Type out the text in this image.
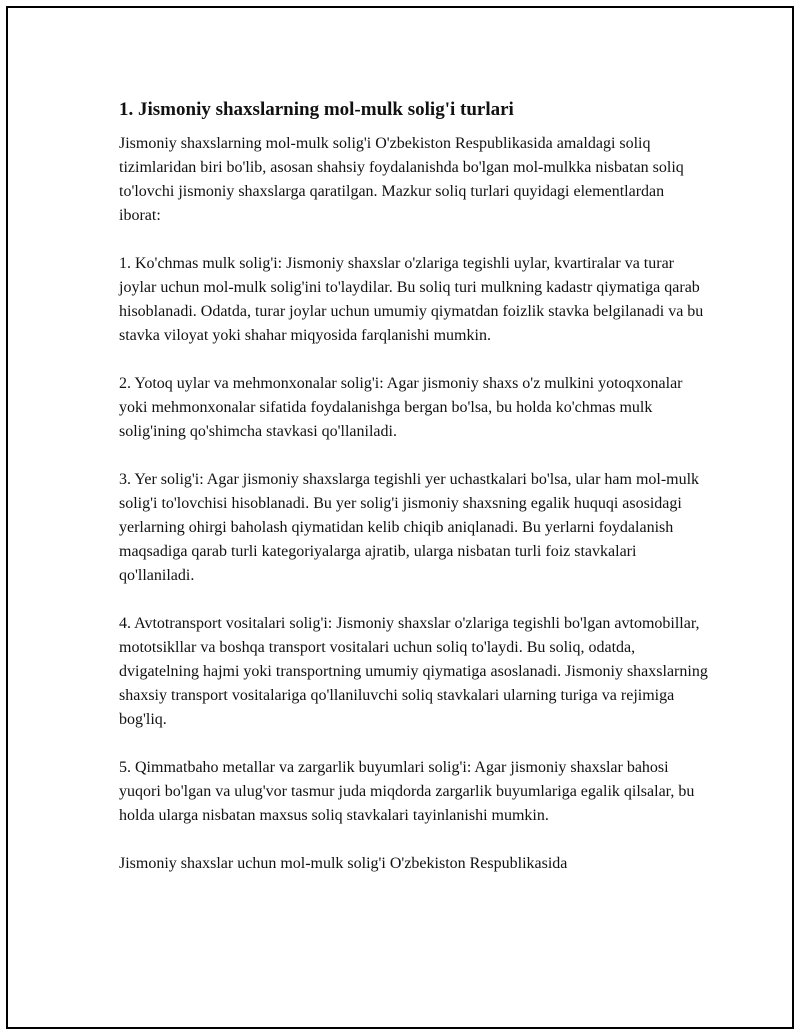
1. Jismoniy shaxslarning mol-mulk solig'i turlari

Jismoniy shaxslarning mol-mulk solig'i O'zbekiston Respublikasida amaldagi soliq tizimlaridan biri bo'lib, asosan shahsiy foydalanishda bo'lgan mol-mulkka nisbatan soliq to'lovchi jismoniy shaxslarga qaratilgan. Mazkur soliq turlari quyidagi elementlardan iborat:

1. Ko'chmas mulk solig'i: Jismoniy shaxslar o'zlariga tegishli uylar, kvartiralar va turar joylar uchun mol-mulk solig'ini to'laydilar. Bu soliq turi mulkning kadastr qiymatiga qarab hisoblanadi. Odatda, turar joylar uchun umumiy qiymatdan foizlik stavka belgilanadi va bu stavka viloyat yoki shahar miqyosida farqlanishi mumkin.

2. Yotoq uylar va mehmonxonalar solig'i: Agar jismoniy shaxs o'z mulkini yotoqxonalar yoki mehmonxonalar sifatida foydalanishga bergan bo'lsa, bu holda ko'chmas mulk solig'ining qo'shimcha stavkasi qo'llaniladi.

3. Yer solig'i: Agar jismoniy shaxslarga tegishli yer uchastkalari bo'lsa, ular ham mol-mulk solig'i to'lovchisi hisoblanadi. Bu yer solig'i jismoniy shaxsning egalik huquqi asosidagi yerlarning ohirgi baholash qiymatidan kelib chiqib aniqlanadi. Bu yerlarni foydalanish maqsadiga qarab turli kategoriyalarga ajratib, ularga nisbatan turli foiz stavkalari qo'llaniladi.

4. Avtotransport vositalari solig'i: Jismoniy shaxslar o'zlariga tegishli bo'lgan avtomobillar, mototsikllar va boshqa transport vositalari uchun soliq to'laydi. Bu soliq, odatda, dvigatelning hajmi yoki transportning umumiy qiymatiga asoslanadi. Jismoniy shaxslarning shaxsiy transport vositalariga qo'llaniluvchi soliq stavkalari ularning turiga va rejimiga bog'liq.

5. Qimmatbaho metallar va zargarlik buyumlari solig'i: Agar jismoniy shaxslar bahosi yuqori bo'lgan va ulug'vor tasmur juda miqdorda zargarlik buyumlariga egalik qilsalar, bu holda ularga nisbatan maxsus soliq stavkalari tayinlanishi mumkin.

Jismoniy shaxslar uchun mol-mulk solig'i O'zbekiston Respublikasida
